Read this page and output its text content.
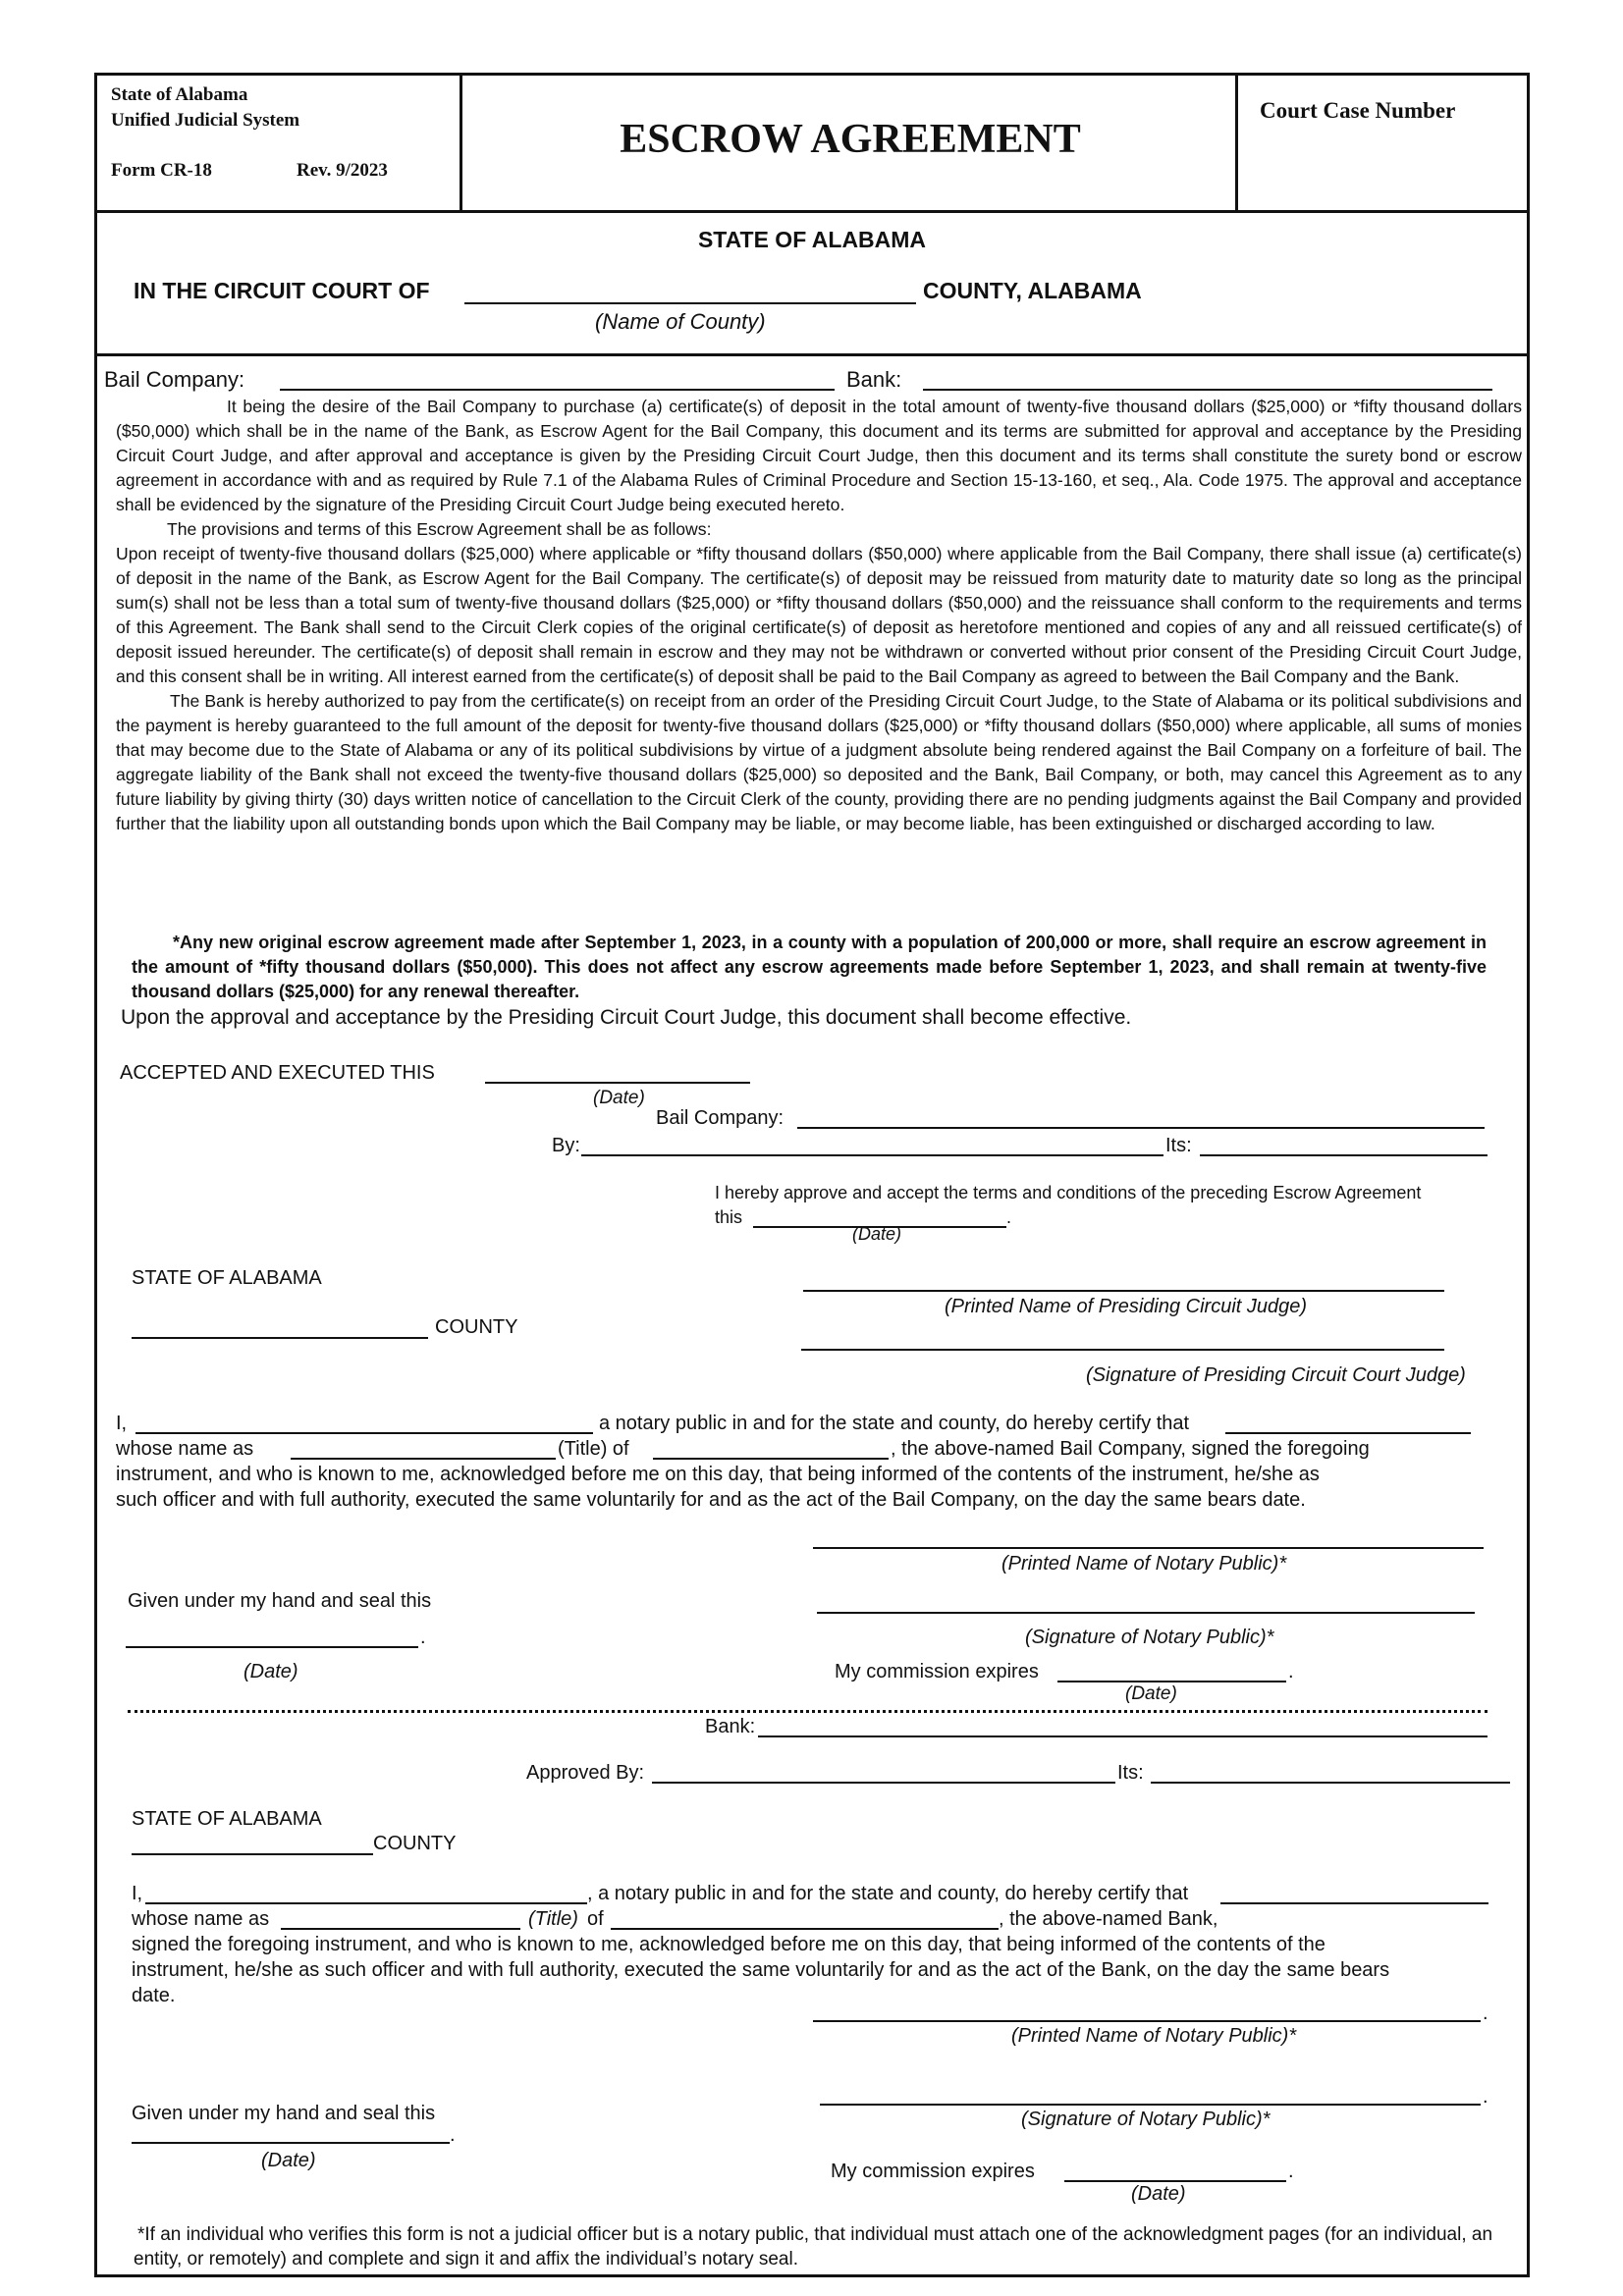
State of Alabama
Unified Judicial System
Form CR-18	Rev. 9/2023
ESCROW AGREEMENT
Court Case Number
STATE OF ALABAMA
IN THE CIRCUIT COURT OF	COUNTY, ALABAMA
(Name of County)
Bail Company:	Bank:

It being the desire of the Bail Company to purchase (a) certificate(s) of deposit in the total amount of twenty-five thousand dollars ($25,000) or *fifty thousand dollars ($50,000) which shall be in the name of the Bank, as Escrow Agent for the Bail Company, this document and its terms are submitted for approval and acceptance by the Presiding Circuit Court Judge, and after approval and acceptance is given by the Presiding Circuit Court Judge, then this document and its terms shall constitute the surety bond or escrow agreement in accordance with and as required by Rule 7.1 of the Alabama Rules of Criminal Procedure and Section 15-13-160, et seq., Ala. Code 1975. The approval and acceptance shall be evidenced by the signature of the Presiding Circuit Court Judge being executed hereto.

The provisions and terms of this Escrow Agreement shall be as follows:

Upon receipt of twenty-five thousand dollars ($25,000) where applicable or *fifty thousand dollars ($50,000) where applicable from the Bail Company, there shall issue (a) certificate(s) of deposit in the name of the Bank, as Escrow Agent for the Bail Company. The certificate(s) of deposit may be reissued from maturity date to maturity date so long as the principal sum(s) shall not be less than a total sum of twenty-five thousand dollars ($25,000) or *fifty thousand dollars ($50,000) and the reissuance shall conform to the requirements and terms of this Agreement. The Bank shall send to the Circuit Clerk copies of the original certificate(s) of deposit as heretofore mentioned and copies of any and all reissued certificate(s) of deposit issued hereunder. The certificate(s) of deposit shall remain in escrow and they may not be withdrawn or converted without prior consent of the Presiding Circuit Court Judge, and this consent shall be in writing. All interest earned from the certificate(s) of deposit shall be paid to the Bail Company as agreed to between the Bail Company and the Bank.

The Bank is hereby authorized to pay from the certificate(s) on receipt from an order of the Presiding Circuit Court Judge, to the State of Alabama or its political subdivisions and the payment is hereby guaranteed to the full amount of the deposit for twenty-five thousand dollars ($25,000) or *fifty thousand dollars ($50,000) where applicable, all sums of monies that may become due to the State of Alabama or any of its political subdivisions by virtue of a judgment absolute being rendered against the Bail Company on a forfeiture of bail. The aggregate liability of the Bank shall not exceed the twenty-five thousand dollars ($25,000) so deposited and the Bank, Bail Company, or both, may cancel this Agreement as to any future liability by giving thirty (30) days written notice of cancellation to the Circuit Clerk of the county, providing there are no pending judgments against the Bail Company and provided further that the liability upon all outstanding bonds upon which the Bail Company may be liable, or may become liable, has been extinguished or discharged according to law.

*Any new original escrow agreement made after September 1, 2023, in a county with a population of 200,000 or more, shall require an escrow agreement in the amount of *fifty thousand dollars ($50,000). This does not affect any escrow agreements made before September 1, 2023, and shall remain at twenty-five thousand dollars ($25,000) for any renewal thereafter.
Upon the approval and acceptance by the Presiding Circuit Court Judge, this document shall become effective.
ACCEPTED AND EXECUTED THIS
(Date)
Bail Company:
By:	Its:
I hereby approve and accept the terms and conditions of the preceding Escrow Agreement
this	.
(Date)
STATE OF ALABAMA
COUNTY
(Printed Name of Presiding Circuit Judge)
(Signature of Presiding Circuit Court Judge)
I,	a notary public in and for the state and county, do hereby certify that
whose name as	(Title) of	, the above-named Bail Company, signed the foregoing
instrument, and who is known to me, acknowledged before me on this day, that being informed of the contents of the instrument, he/she as
such officer and with full authority, executed the same voluntarily for and as the act of the Bail Company, on the day the same bears date.
(Printed Name of Notary Public)*
Given under my hand and seal this
.	(Signature of Notary Public)*
(Date)	My commission expires	.
(Date)
Bank:
Approved By:	Its:
STATE OF ALABAMA
COUNTY
I,	, a notary public in and for the state and county, do hereby certify that
whose name as	(Title) of	, the above-named Bank,
signed the foregoing instrument, and who is known to me, acknowledged before me on this day, that being informed of the contents of the
instrument, he/she as such officer and with full authority, executed the same voluntarily for and as the act of the Bank, on the day the same bears
date.
.
(Printed Name of Notary Public)*
.
Given under my hand and seal this	(Signature of Notary Public)*
.
(Date)	My commission expires	.
(Date)
*If an individual who verifies this form is not a judicial officer but is a notary public, that individual must attach one of the acknowledgment pages (for an individual, an entity, or remotely) and complete and sign it and affix the individual’s notary seal.
